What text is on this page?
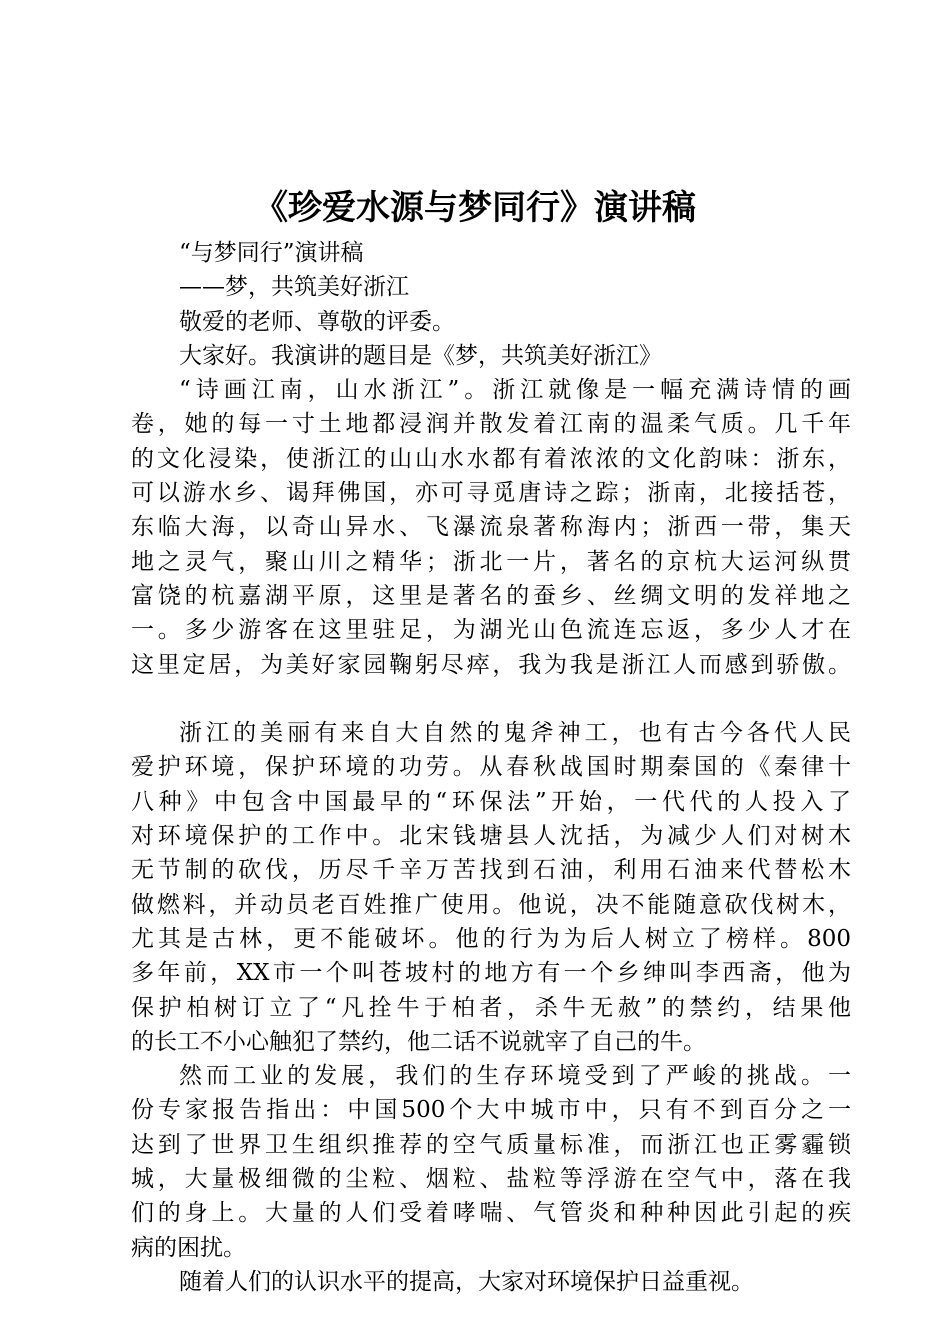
《珍爱水源与梦同行》演讲稿
“与梦同行”演讲稿
——梦，共筑美好浙江
敬爱的老师、尊敬的评委。
大家好。我演讲的题目是《梦，共筑美好浙江》
“诗画江南，山水浙江”。浙江就像是一幅充满诗情的画
卷，她的每一寸土地都浸润并散发着江南的温柔气质。几千年
的文化浸染，使浙江的山山水水都有着浓浓的文化韵味：浙东，
可以游水乡、谒拜佛国，亦可寻觅唐诗之踪；浙南，北接括苍，
东临大海，以奇山异水、飞瀑流泉著称海内；浙西一带，集天
地之灵气，聚山川之精华；浙北一片，著名的京杭大运河纵贯
富饶的杭嘉湖平原，这里是著名的蚕乡、丝绸文明的发祥地之
一。多少游客在这里驻足，为湖光山色流连忘返，多少人才在
这里定居，为美好家园鞠躬尽瘁，我为我是浙江人而感到骄傲。
浙江的美丽有来自大自然的鬼斧神工，也有古今各代人民
爱护环境，保护环境的功劳。从春秋战国时期秦国的《秦律十
八种》中包含中国最早的“环保法”开始，一代代的人投入了
对环境保护的工作中。北宋钱塘县人沈括，为减少人们对树木
无节制的砍伐，历尽千辛万苦找到石油，利用石油来代替松木
做燃料，并动员老百姓推广使用。他说，决不能随意砍伐树木，
尤其是古林，更不能破坏。他的行为为后人树立了榜样。800
多年前，XX市一个叫苍坡村的地方有一个乡绅叫李西斋，他为
保护柏树订立了“凡拴牛于柏者，杀牛无赦”的禁约，结果他
的长工不小心触犯了禁约，他二话不说就宰了自己的牛。
然而工业的发展，我们的生存环境受到了严峻的挑战。一
份专家报告指出：中国500个大中城市中，只有不到百分之一
达到了世界卫生组织推荐的空气质量标准，而浙江也正雾霾锁
城，大量极细微的尘粒、烟粒、盐粒等浮游在空气中，落在我
们的身上。大量的人们受着哮喘、气管炎和种种因此引起的疾
病的困扰。
随着人们的认识水平的提高，大家对环境保护日益重视。
